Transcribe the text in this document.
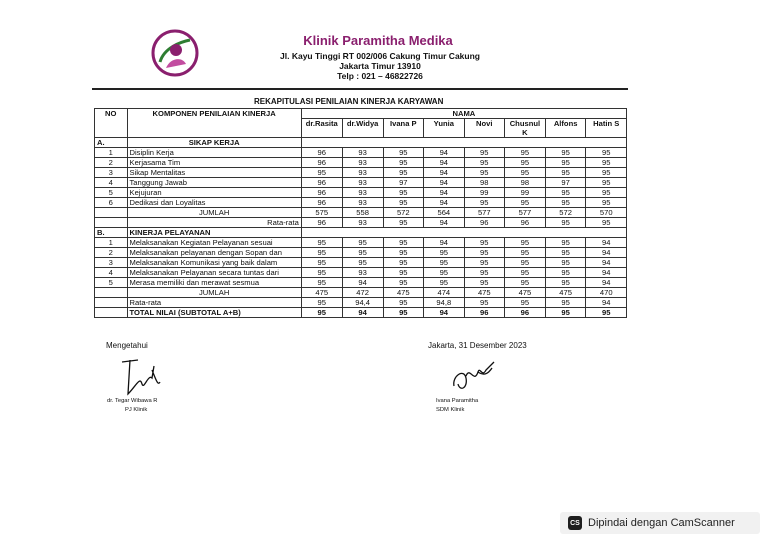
Klinik Paramitha Medika
Jl. Kayu Tinggi RT 002/006 Cakung Timur Cakung
Jakarta Timur 13910
Telp : 021 – 46822726
REKAPITULASI PENILAIAN KINERJA KARYAWAN
NO	KOMPONEN PENILAIAN KINERJA	NAMA							
		dr.Rasita	dr.Widya	Ivana P	Yunia	Novi	Chusnul K	Alfons	Hatin S
A.	SIKAP KERJA								
1	Disiplin Kerja	96	93	95	94	95	95	95	95
2	Kerjasama Tim	96	93	95	94	95	95	95	95
3	Sikap Mentalitas	95	93	95	94	95	95	95	95
4	Tanggung Jawab	96	93	97	94	98	98	97	95
5	Kejujuran	96	93	95	94	99	99	95	95
6	Dedikasi dan Loyalitas	96	93	95	94	95	95	95	95
	JUMLAH	575	558	572	564	577	577	572	570
	Rata-rata	96	93	95	94	96	96	95	95
B.	KINERJA PELAYANAN								
1	Melaksanakan Kegiatan Pelayanan sesuai	95	95	95	94	95	95	95	94
2	Melaksanakan pelayanan dengan Sopan dan	95	95	95	95	95	95	95	94
3	Melaksanakan Komunikasi yang baik dalam	95	95	95	95	95	95	95	94
4	Melaksanakan Pelayanan secara tuntas dari	95	93	95	95	95	95	95	94
5	Merasa memiliki dan merawat sesmua	95	94	95	95	95	95	95	94
	JUMLAH	475	472	475	474	475	475	475	470
	Rata-rata	95	94,4	95	94,8	95	95	95	94
	TOTAL NILAI (SUBTOTAL A+B)	95	94	95	94	96	96	95	95
Mengetahui
dr. Tegar Wibawa R
PJ Klinik
Jakarta, 31 Desember 2023
Ivana Paramitha
SDM Klinik
CS Dipindai dengan CamScanner
